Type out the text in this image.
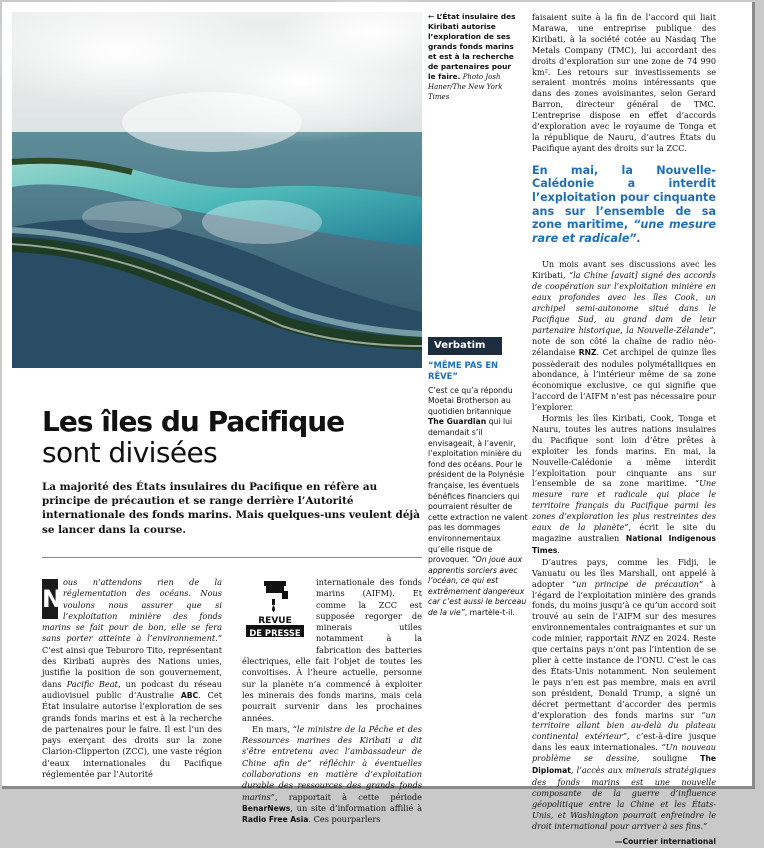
← L’État insulaire des Kiribati autorise l’exploration de ses grands fonds marins et est à la recherche de partenaires pour le faire. Photo Josh Haner/The New York Times

faisaient suite à la fin de l’accord qui liait Marawa, une entreprise publique des Kiribati, à la société cotée au Nasdaq The Metals Company (TMC), lui accordant des droits d’exploration sur une zone de 74 990 km². Les retours sur investissements se seraient montrés moins intéressants que dans des zones avoisinantes, selon Gerard Barron, directeur général de TMC. L’entreprise dispose en effet d’accords d’exploration avec le royaume de Tonga et la république de Nauru, d’autres États du Pacifique ayant des droits sur la ZCC.

En mai, la Nouvelle-Calédonie a interdit l’exploitation pour cinquante ans sur l’ensemble de sa zone maritime, “une mesure rare et radicale”.

Un mois avant ses discussions avec les Kiribati, “la Chine [avait] signé des accords de coopération sur l’exploitation minière en eaux profondes avec les îles Cook, un archipel semi-autonome situé dans le Pacifique Sud, au grand dam de leur partenaire historique, la Nouvelle-Zélande”, note de son côté la chaîne de radio néo-zélandaise RNZ. Cet archipel de quinze îles possèderait des nodules polymétalliques en abondance, à l’intérieur même de sa zone économique exclusive, ce qui signifie que l’accord de l’AIFM n’est pas nécessaire pour l’explorer.

Hormis les îles Kiribati, Cook, Tonga et Nauru, toutes les autres nations insulaires du Pacifique sont loin d’être prêtes à exploiter les fonds marins. En mai, la Nouvelle-Calédonie a même interdit l’exploitation pour cinquante ans sur l’ensemble de sa zone maritime. “Une mesure rare et radicale qui place le territoire français du Pacifique parmi les zones d’exploration les plus restreintes des eaux de la planète”, écrit le site du magazine australien National Indigenous Times.

D’autres pays, comme les Fidji, le Vanuatu ou les îles Marshall, ont appelé à adopter “un principe de précaution” à l’égard de l’exploitation minière des grands fonds, du moins jusqu’à ce qu’un accord soit trouvé au sein de l’AIFM sur des mesures environnementales contraignantes et sur un code minier, rapportait RNZ en 2024. Reste que certains pays n’ont pas l’intention de se plier à cette instance de l’ONU. C’est le cas des États-Unis notamment. Non seulement le pays n’en est pas membre, mais en avril son président, Donald Trump, a signé un décret permettant d’accorder des permis d’exploration des fonds marins sur “un territoire allant bien au-delà du plateau continental extérieur”, c’est-à-dire jusque dans les eaux internationales. “Un nouveau problème se dessine, souligne The Diplomat, l’accès aux minerais stratégiques des fonds marins est une nouvelle composante de la guerre d’influence géopolitique entre la Chine et les États-Unis, et Washington pourrait enfreindre le droit international pour arriver à ses fins.”

—Courrier international
Verbatim
“MÊME PAS EN RÊVE”
C’est ce qu’a répondu Moetai Brotherson au quotidien britannique The Guardian qui lui demandait s’il envisageait, à l’avenir, l’exploitation minière du fond des océans. Pour le président de la Polynésie française, les éventuels bénéfices financiers qui pourraient résulter de cette extraction ne valent pas les dommages environnementaux qu’elle risque de provoquer. “On joue aux apprentis sorciers avec l’océan, ce qui est extrêmement dangereux car c’est aussi le berceau de la vie”, martèle-t-il.
Les îles du Pacifique
sont divisées
La majorité des États insulaires du Pacifique en réfère au principe de précaution et se range derrière l’Autorité internationale des fonds marins. Mais quelques-uns veulent déjà se lancer dans la course.

N
ous n’attendons rien de la réglementation des océans. Nous voulons nous assurer que si l’exploitation minière des fonds marins se fait pour de bon, elle se fera sans porter atteinte à l’environnement.” C’est ainsi que Teburoro Tito, représentant des Kiribati auprès des Nations unies, justifie la position de son gouvernement, dans Pacific Beat, un podcast du réseau audiovisuel public d’Australie ABC. Cet État insulaire autorise l’exploration de ses grands fonds marins et est à la recherche de partenaires pour le faire. Il est l’un des pays exerçant des droits sur la zone Clarion-Clipperton (ZCC), une vaste région d’eaux internationales du Pacifique réglementée par l’Autorité

REVUE
DE PRESSE

internationale des fonds marins (AIFM). Et comme la ZCC est supposée regorger de minerais utiles notamment à la fabrication des batteries électriques, elle fait l’objet de toutes les convoitises. À l’heure actuelle, personne sur la planète n’a commencé à exploiter les minerais des fonds marins, mais cela pourrait survenir dans les prochaines années.

En mars, “le ministre de la Pêche et des Ressources marines des Kiribati a dit s’être entretenu avec l’ambassadeur de Chine afin de” réfléchir à éventuelles collaborations en matière d’exploitation durable des ressources des grands fonds marins”, rapportait à cette période BenarNews, un site d’information affilié à Radio Free Asia. Ces pourparlers
